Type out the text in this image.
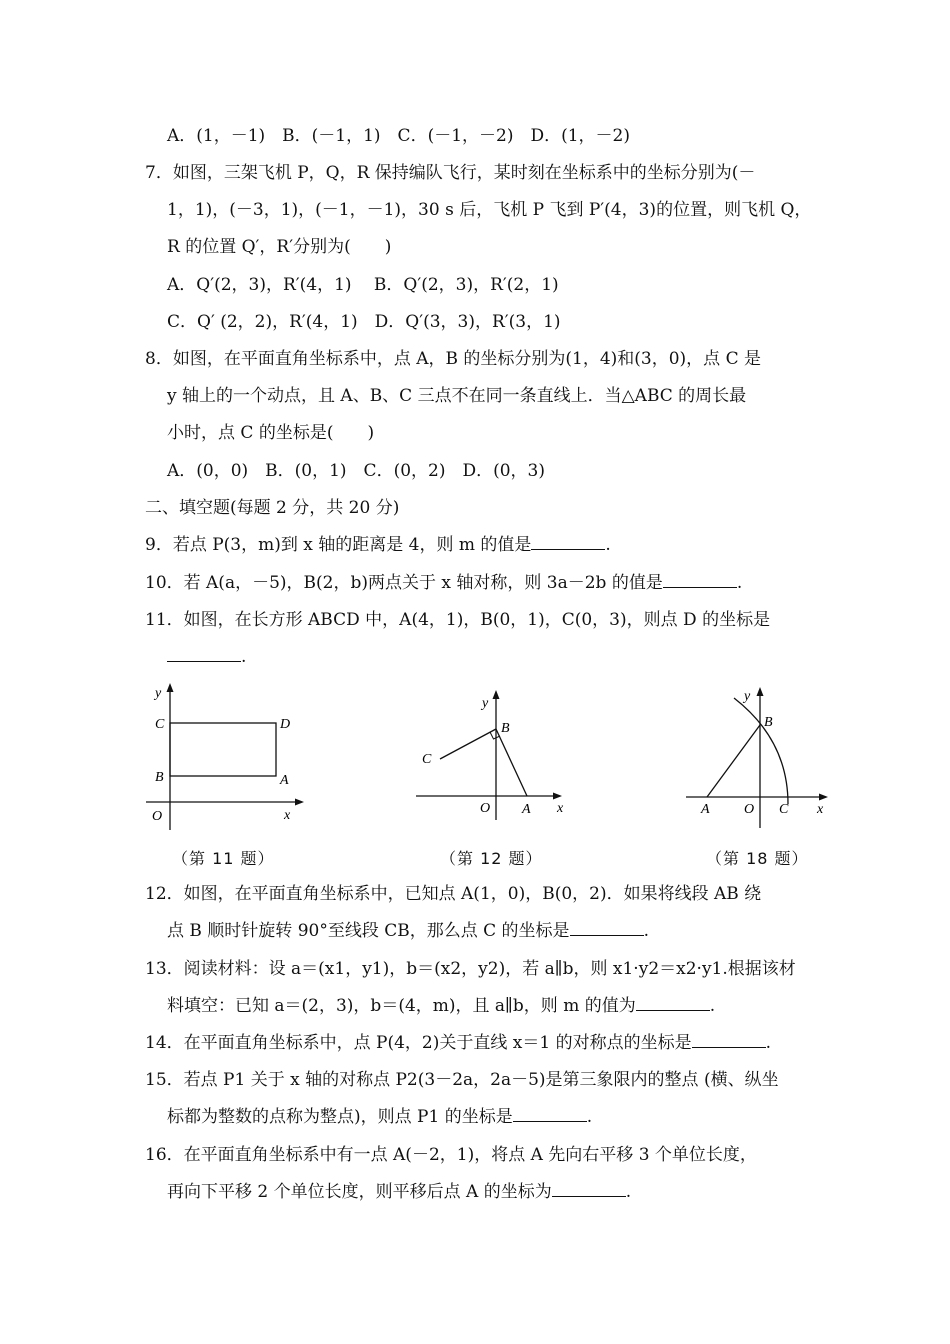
A．(1，－1)　B．(－1，1)　C．(－1，－2)　D．(1，－2)
7．如图，三架飞机 P，Q，R 保持编队飞行，某时刻在坐标系中的坐标分别为(－
1，1)，(－3，1)，(－1，－1)，30 s 后，飞机 P 飞到 P′(4，3)的位置，则飞机 Q，
R 的位置 Q′，R′分别为(　　)
A．Q′(2，3)，R′(4，1)　 B．Q′(2，3)，R′(2，1)
C．Q′ (2，2)，R′(4，1)　D．Q′(3，3)，R′(3，1)
8．如图，在平面直角坐标系中，点 A，B 的坐标分别为(1，4)和(3，0)，点 C 是
y 轴上的一个动点，且 A、B、C 三点不在同一条直线上．当△ABC 的周长最
小时，点 C 的坐标是(　　)
A．(0，0)　B．(0，1)　C．(0，2)　D．(0，3)
二、填空题(每题 2 分，共 20 分)
9．若点 P(3，m)到 x 轴的距离是 4，则 m 的值是	.
10．若 A(a，－5)，B(2，b)两点关于 x 轴对称，则 3a－2b 的值是	.
11．如图，在长方形 ABCD 中，A(4，1)，B(0，1)，C(0，3)，则点 D 的坐标是
.
y
C	D
B	A
O	x
（第 11 题）
y
B
C
O A x
（第 12 题）
y
B
A O C x
（第 18 题）
12．如图，在平面直角坐标系中，已知点 A(1，0)，B(0，2)．如果将线段 AB 绕
点 B 顺时针旋转 90°至线段 CB，那么点 C 的坐标是	.
13．阅读材料：设 a＝(x1，y1)，b＝(x2，y2)，若 a∥b，则 x1·y2＝x2·y1.根据该材
料填空：已知 a＝(2，3)，b＝(4，m)，且 a∥b，则 m 的值为	.
14．在平面直角坐标系中，点 P(4，2)关于直线 x＝1 的对称点的坐标是	.
15．若点 P1 关于 x 轴的对称点 P2(3－2a，2a－5)是第三象限内的整点 (横、纵坐
标都为整数的点称为整点)，则点 P1 的坐标是	.
16．在平面直角坐标系中有一点 A(－2，1)，将点 A 先向右平移 3 个单位长度，
再向下平移 2 个单位长度，则平移后点 A 的坐标为	.
